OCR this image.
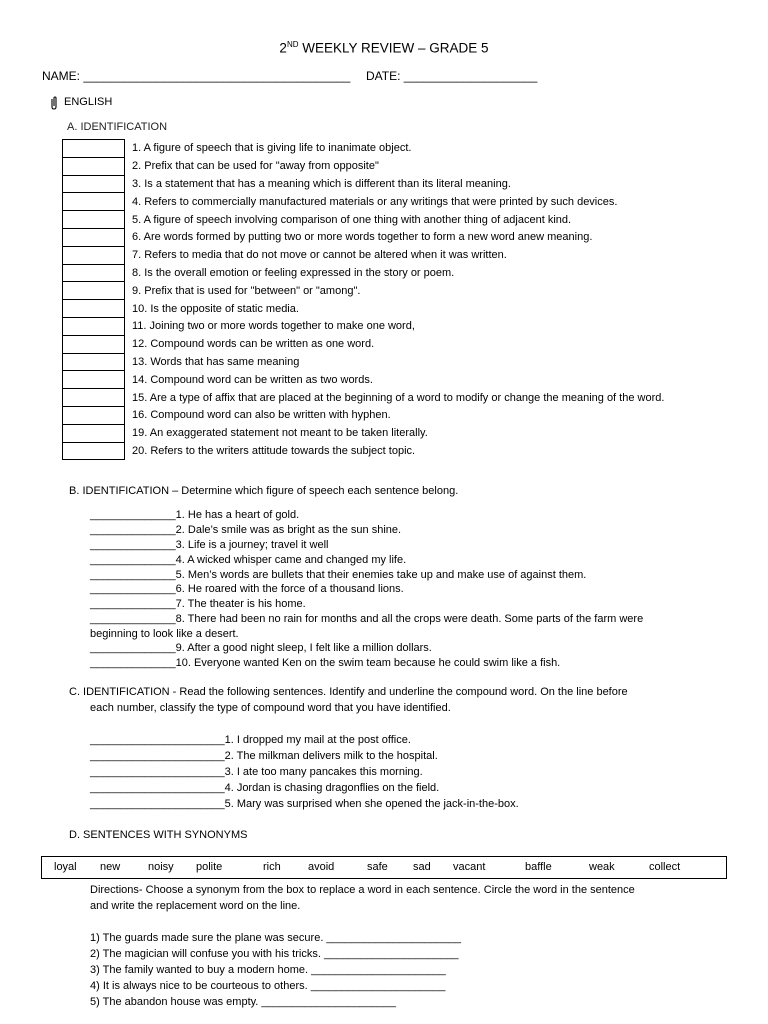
2ND WEEKLY REVIEW – GRADE 5
NAME: ________________________________________ DATE: ____________________
ENGLISH
A. IDENTIFICATION
	1. A figure of speech that is giving life to inanimate object.
	2. Prefix that can be used for "away from opposite"
	3. Is a statement that has a meaning which is different than its literal meaning.
	4. Refers to commercially manufactured materials or any writings that were printed by such devices.
	5. A figure of speech involving comparison of one thing with another thing of adjacent kind.
	6. Are words formed by putting two or more words together to form a new word anew meaning.
	7. Refers to media that do not move or cannot be altered when it was written.
	8. Is the overall emotion or feeling expressed in the story or poem.
	9. Prefix that is used for "between" or "among".
	10. Is the opposite of static media.
	11. Joining two or more words together to make one word,
	12. Compound words can be written as one word.
	13. Words that has same meaning
	14. Compound word can be written as two words.
	15. Are a type of affix that are placed at the beginning of a word to modify or change the meaning of the word.
	16. Compound word can also be written with hyphen.
	19. An exaggerated statement not meant to be taken literally.
	20. Refers to the writers attitude towards the subject topic.
B. IDENTIFICATION – Determine which figure of speech each sentence belong.
______________1. He has a heart of gold.
______________2. Dale’s smile was as bright as the sun shine.
______________3. Life is a journey; travel it well
______________4. A wicked whisper came and changed my life.
______________5. Men’s words are bullets that their enemies take up and make use of against them.
______________6. He roared with the force of a thousand lions.
______________7. The theater is his home.
______________8. There had been no rain for months and all the crops were death. Some parts of the farm were
beginning to look like a desert.
______________9. After a good night sleep, I felt like a million dollars.
______________10. Everyone wanted Ken on the swim team because he could swim like a fish.
C. IDENTIFICATION - Read the following sentences. Identify and underline the compound word. On the line before
each number, classify the type of compound word that you have identified.
______________________1. I dropped my mail at the post office.
______________________2. The milkman delivers milk to the hospital.
______________________3. I ate too many pancakes this morning.
______________________4. Jordan is chasing dragonflies on the field.
______________________5. Mary was surprised when she opened the jack-in-the-box.
D. SENTENCES WITH SYNONYMS
loyal new	noisy polite	rich avoid	safe sad vacant	baffle	weak	collect
Directions- Choose a synonym from the box to replace a word in each sentence. Circle the word in the sentence
and write the replacement word on the line.
1) The guards made sure the plane was secure. ______________________
2) The magician will confuse you with his tricks. ______________________
3) The family wanted to buy a modern home. ______________________
4) It is always nice to be courteous to others. ______________________
5) The abandon house was empty. ______________________
